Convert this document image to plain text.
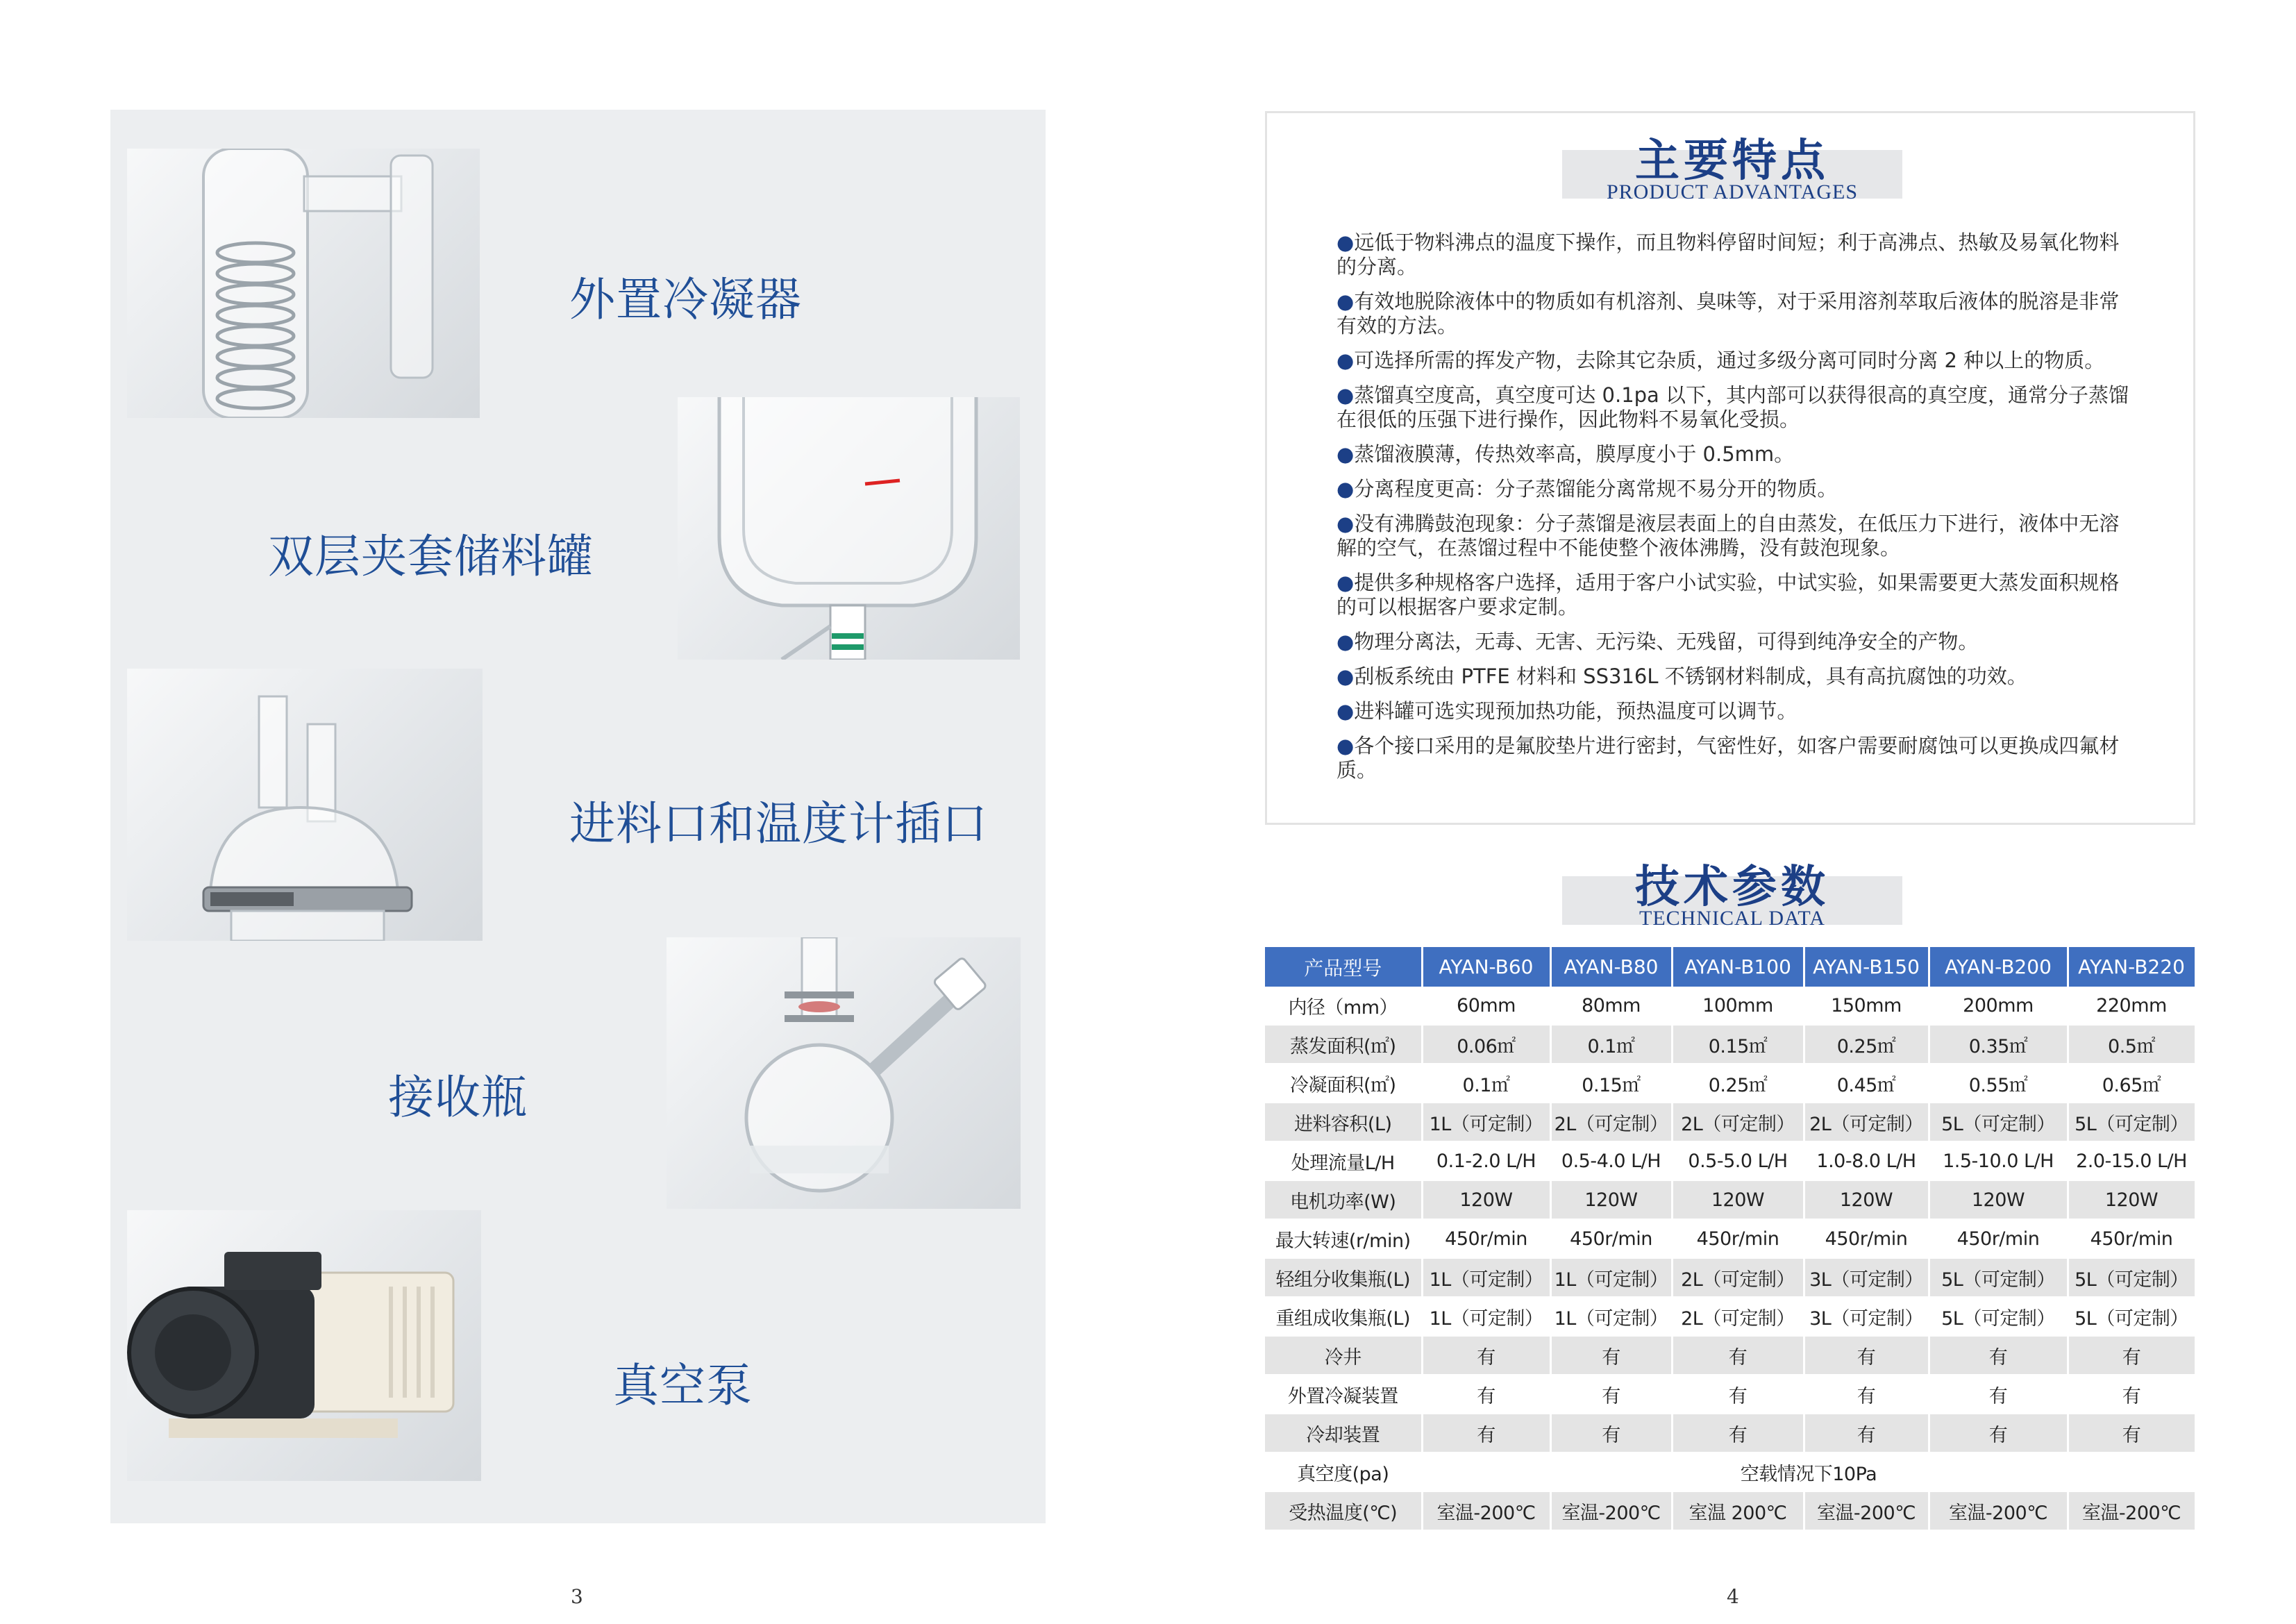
外置冷凝器
双层夹套储料罐
进料口和温度计插口
接收瓶
真空泵
3
主要特点
PRODUCT ADVANTAGES
●远低于物料沸点的温度下操作，而且物料停留时间短；利于高沸点、热敏及易氧化物料的分离。
●有效地脱除液体中的物质如有机溶剂、臭味等，对于采用溶剂萃取后液体的脱溶是非常有效的方法。
●可选择所需的挥发产物，去除其它杂质，通过多级分离可同时分离 2 种以上的物质。
●蒸馏真空度高，真空度可达 0.1pa 以下，其内部可以获得很高的真空度，通常分子蒸馏在很低的压强下进行操作，因此物料不易氧化受损。
●蒸馏液膜薄，传热效率高，膜厚度小于 0.5mm。
●分离程度更高：分子蒸馏能分离常规不易分开的物质。
●没有沸腾鼓泡现象：分子蒸馏是液层表面上的自由蒸发，在低压力下进行，液体中无溶解的空气，在蒸馏过程中不能使整个液体沸腾，没有鼓泡现象。
●提供多种规格客户选择，适用于客户小试实验，中试实验，如果需要更大蒸发面积规格的可以根据客户要求定制。
●物理分离法，无毒、无害、无污染、无残留，可得到纯净安全的产物。
●刮板系统由 PTFE 材料和 SS316L 不锈钢材料制成，具有高抗腐蚀的功效。
●进料罐可选实现预加热功能，预热温度可以调节。
●各个接口采用的是氟胶垫片进行密封，气密性好，如客户需要耐腐蚀可以更换成四氟材质。
技术参数
TECHNICAL DATA
产品型号	AYAN-B60	AYAN-B80	AYAN-B100	AYAN-B150	AYAN-B200	AYAN-B220
内径（mm）	60mm	80mm	100mm	150mm	200mm	220mm
蒸发面积(㎡)	0.06㎡	0.1㎡	0.15㎡	0.25㎡	0.35㎡	0.5㎡
冷凝面积(㎡)	0.1㎡	0.15㎡	0.25㎡	0.45㎡	0.55㎡	0.65㎡
进料容积(L)	1L（可定制）	2L（可定制）	2L（可定制）	2L（可定制）	5L（可定制）	5L（可定制）
处理流量L/H	0.1-2.0 L/H	0.5-4.0 L/H	0.5-5.0 L/H	1.0-8.0 L/H	1.5-10.0 L/H	2.0-15.0 L/H
电机功率(W)	120W	120W	120W	120W	120W	120W
最大转速(r/min)	450r/min	450r/min	450r/min	450r/min	450r/min	450r/min
轻组分收集瓶(L)	1L（可定制）	1L（可定制）	2L（可定制）	3L（可定制）	5L（可定制）	5L（可定制）
重组成收集瓶(L)	1L（可定制）	1L（可定制）	2L（可定制）	3L（可定制）	5L（可定制）	5L（可定制）
冷井	有	有	有	有	有	有
外置冷凝装置	有	有	有	有	有	有
冷却装置	有	有	有	有	有	有
真空度(pa)	空载情况下10Pa					
受热温度(℃)	室温-200℃	室温-200℃	室温 200℃	室温-200℃	室温-200℃	室温-200℃
4
